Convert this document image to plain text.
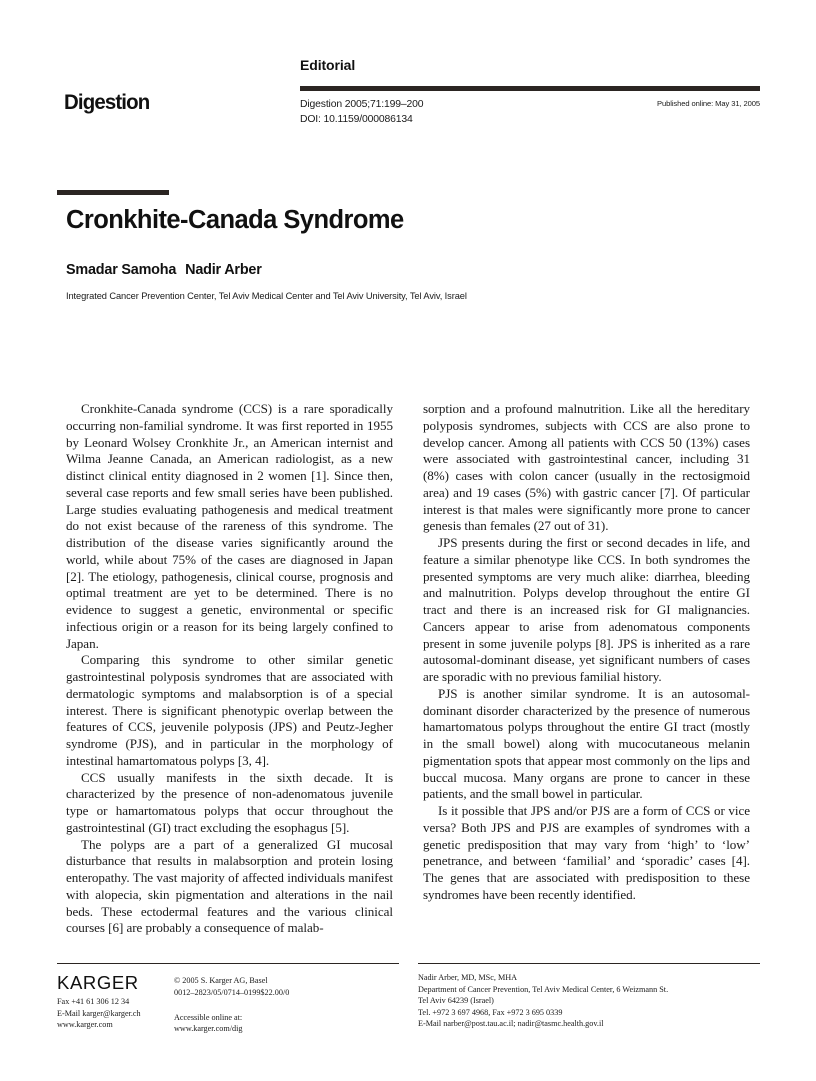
Digestion
Editorial
Digestion 2005;71:199–200
DOI: 10.1159/000086134
Published online: May 31, 2005
Cronkhite-Canada Syndrome
Smadar Samoha Nadir Arber
Integrated Cancer Prevention Center, Tel Aviv Medical Center and Tel Aviv University, Tel Aviv, Israel

Cronkhite-Canada syndrome (CCS) is a rare sporadically occurring non-familial syndrome. It was first reported in 1955 by Leonard Wolsey Cronkhite Jr., an American internist and Wilma Jeanne Canada, an American radiologist, as a new distinct clinical entity diagnosed in 2 women [1]. Since then, several case reports and few small series have been published. Large studies evaluating pathogenesis and medical treatment do not exist because of the rareness of this syndrome. The distribution of the disease varies significantly around the world, while about 75% of the cases are diagnosed in Japan [2]. The etiology, pathogenesis, clinical course, prognosis and optimal treatment are yet to be determined. There is no evidence to suggest a genetic, environmental or specific infectious origin or a reason for its being largely confined to Japan.

Comparing this syndrome to other similar genetic gastrointestinal polyposis syndromes that are associated with dermatologic symptoms and malabsorption is of a special interest. There is significant phenotypic overlap between the features of CCS, jeuvenile polyposis (JPS) and Peutz-Jegher syndrome (PJS), and in particular in the morphology of intestinal hamartomatous polyps [3, 4].

CCS usually manifests in the sixth decade. It is characterized by the presence of non-adenomatous juvenile type or hamartomatous polyps that occur throughout the gastrointestinal (GI) tract excluding the esophagus [5].

The polyps are a part of a generalized GI mucosal disturbance that results in malabsorption and protein losing enteropathy. The vast majority of affected individuals manifest with alopecia, skin pigmentation and alterations in the nail beds. These ectodermal features and the various clinical courses [6] are probably a consequence of malab-

sorption and a profound malnutrition. Like all the hereditary polyposis syndromes, subjects with CCS are also prone to develop cancer. Among all patients with CCS 50 (13%) cases were associated with gastrointestinal cancer, including 31 (8%) cases with colon cancer (usually in the rectosigmoid area) and 19 cases (5%) with gastric cancer [7]. Of particular interest is that males were significantly more prone to cancer genesis than females (27 out of 31).

JPS presents during the first or second decades in life, and feature a similar phenotype like CCS. In both syndromes the presented symptoms are very much alike: diarrhea, bleeding and malnutrition. Polyps develop throughout the entire GI tract and there is an increased risk for GI malignancies. Cancers appear to arise from adenomatous components present in some juvenile polyps [8]. JPS is inherited as a rare autosomal-dominant disease, yet significant numbers of cases are sporadic with no previous familial history.

PJS is another similar syndrome. It is an autosomal-dominant disorder characterized by the presence of numerous hamartomatous polyps throughout the entire GI tract (mostly in the small bowel) along with mucocutaneous melanin pigmentation spots that appear most commonly on the lips and buccal mucosa. Many organs are prone to cancer in these patients, and the small bowel in particular.

Is it possible that JPS and/or PJS are a form of CCS or vice versa? Both JPS and PJS are examples of syndromes with a genetic predisposition that may vary from ‘high’ to ‘low’ penetrance, and between ‘familial’ and ‘sporadic’ cases [4]. The genes that are associated with predisposition to these syndromes have been recently identified.

KARGER
Fax +41 61 306 12 34
E-Mail karger@karger.ch
www.karger.com
© 2005 S. Karger AG, Basel
0012–2823/05/0714–0199$22.00/0
Accessible online at:
www.karger.com/dig
Nadir Arber, MD, MSc, MHA
Department of Cancer Prevention, Tel Aviv Medical Center, 6 Weizmann St.
Tel Aviv 64239 (Israel)
Tel. +972 3 697 4968, Fax +972 3 695 0339
E-Mail narber@post.tau.ac.il; nadir@tasmc.health.gov.il
